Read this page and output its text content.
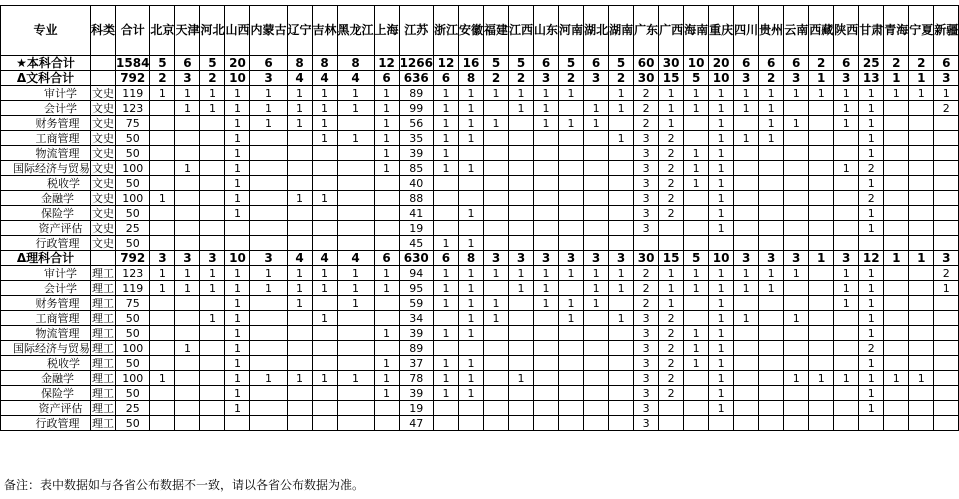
专业	科类	合计	北京	天津	河北	山西	内蒙古	辽宁	吉林	黑龙江	上海	江苏	浙江	安徽	福建	江西	山东	河南	湖北	湖南	广东	广西	海南	重庆	四川	贵州	云南	西藏	陕西	甘肃	青海	宁夏	新疆
★本科合计		1584	5	6	5	20	6	8	8	8	12	1266	12	16	5	5	6	5	6	5	60	30	10	20	6	6	6	2	6	25	2	2	6
Δ文科合计		792	2	3	2	10	3	4	4	4	6	636	6	8	2	2	3	2	3	2	30	15	5	10	3	2	3	1	3	13	1	1	3
审计学	文史	119	1	1	1	1	1	1	1	1	1	89	1	1	1	1	1	1		1	2	1	1	1	1	1	1	1	1	1	1	1	1
会计学	文史	123		1	1	1	1	1	1	1	1	99	1	1		1	1		1	1	2	1	1	1	1	1			1	1			2
财务管理	文史	75				1	1	1	1		1	56	1	1	1		1	1	1		2	1		1		1	1		1	1			
工商管理	文史	50				1			1	1	1	35	1	1						1	3	2		1	1	1				1			
物流管理	文史	50				1					1	39	1								3	2	1	1						1			
国际经济与贸易	文史	100		1		1					1	85	1	1							3	2	1	1					1	2			
税收学	文史	50				1						40									3	2	1	1						1			
金融学	文史	100	1			1		1	1			88									3	2		1						2			
保险学	文史	50				1						41		1							3	2		1						1			
资产评估	文史	25										19									3			1						1			
行政管理	文史	50										45	1	1																			
Δ理科合计		792	3	3	3	10	3	4	4	4	6	630	6	8	3	3	3	3	3	3	30	15	5	10	3	3	3	1	3	12	1	1	3
审计学	理工	123	1	1	1	1	1	1	1	1	1	94	1	1	1	1	1	1	1	1	2	1	1	1	1	1	1		1	1			2
会计学	理工	119	1	1	1	1	1	1	1	1	1	95	1	1		1	1		1	1	2	1	1	1	1	1			1	1			1
财务管理	理工	75				1		1		1		59	1	1	1		1	1	1		2	1		1					1	1			
工商管理	理工	50			1	1			1			34		1	1			1		1	3	2		1	1		1			1			
物流管理	理工	50				1					1	39	1	1							3	2	1	1						1			
国际经济与贸易	理工	100		1		1						89									3	2	1	1						2			
税收学	理工	50				1					1	37	1	1							3	2	1	1						1			
金融学	理工	100	1			1	1	1	1	1	1	78	1	1		1					3	2		1			1	1	1	1	1	1	
保险学	理工	50				1					1	39	1	1							3	2		1						1			
资产评估	理工	25				1						19									3			1						1			
行政管理	理工	50										47									3												
备注：表中数据如与各省公布数据不一致，请以各省公布数据为准。
